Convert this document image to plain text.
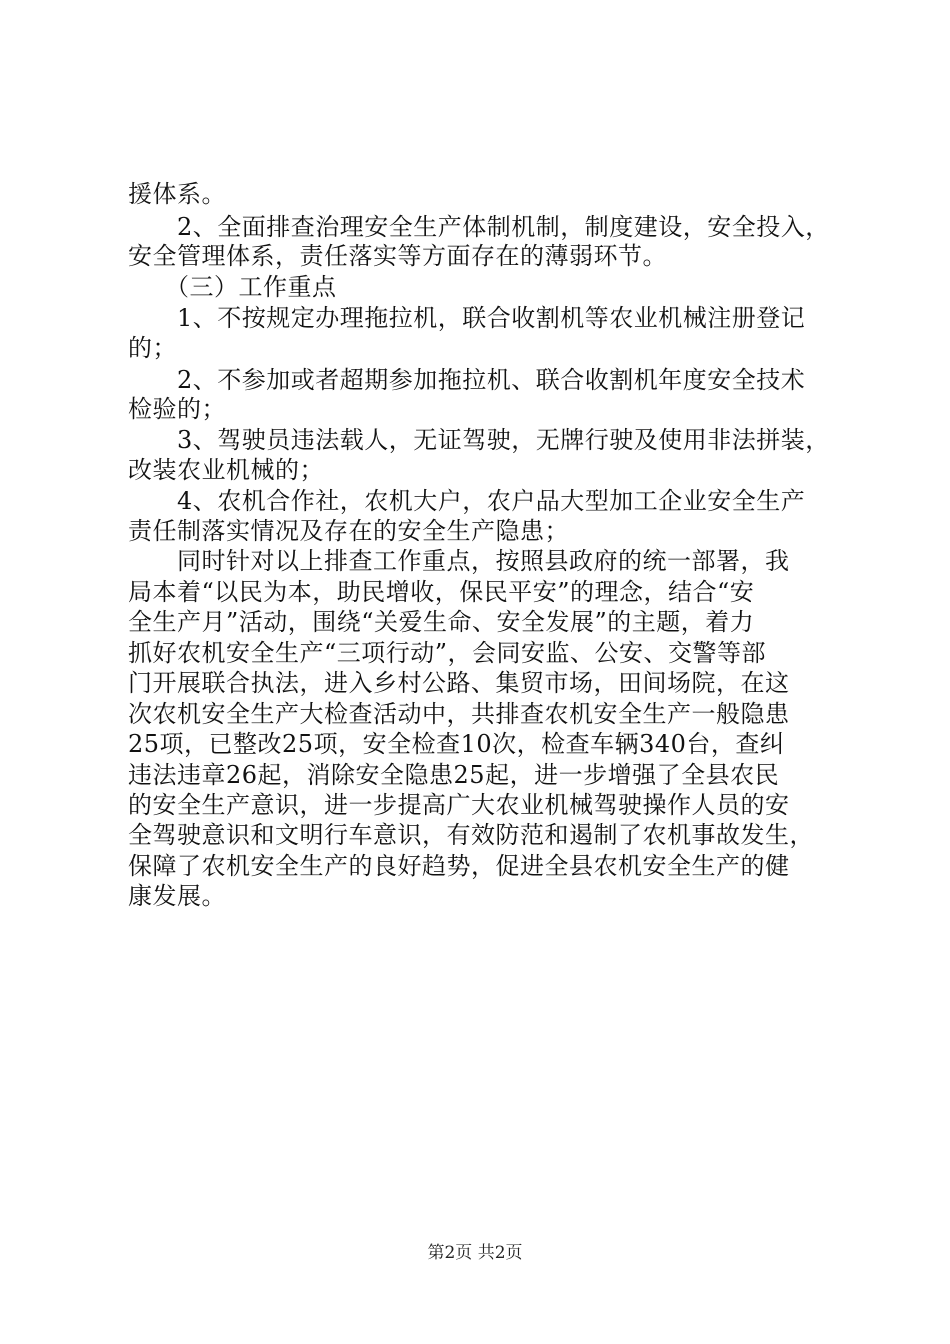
援体系。
　　2、全面排查治理安全生产体制机制，制度建设，安全投入，
安全管理体系，责任落实等方面存在的薄弱环节。
　　（三）工作重点
　　1、不按规定办理拖拉机，联合收割机等农业机械注册登记
的；
　　2、不参加或者超期参加拖拉机、联合收割机年度安全技术
检验的；
　　3、驾驶员违法载人，无证驾驶，无牌行驶及使用非法拼装，
改装农业机械的；
　　4、农机合作社，农机大户，农户品大型加工企业安全生产
责任制落实情况及存在的安全生产隐患；
　　同时针对以上排查工作重点，按照县政府的统一部署，我
局本着“以民为本，助民增收，保民平安”的理念，结合“安
全生产月”活动，围绕“关爱生命、安全发展”的主题，着力
抓好农机安全生产“三项行动”，会同安监、公安、交警等部
门开展联合执法，进入乡村公路、集贸市场，田间场院，在这
次农机安全生产大检查活动中，共排查农机安全生产一般隐患
25项，已整改25项，安全检查10次，检查车辆340台，查纠
违法违章26起，消除安全隐患25起，进一步增强了全县农民
的安全生产意识，进一步提高广大农业机械驾驶操作人员的安
全驾驶意识和文明行车意识，有效防范和遏制了农机事故发生，
保障了农机安全生产的良好趋势，促进全县农机安全生产的健
康发展。
第2页 共2页
